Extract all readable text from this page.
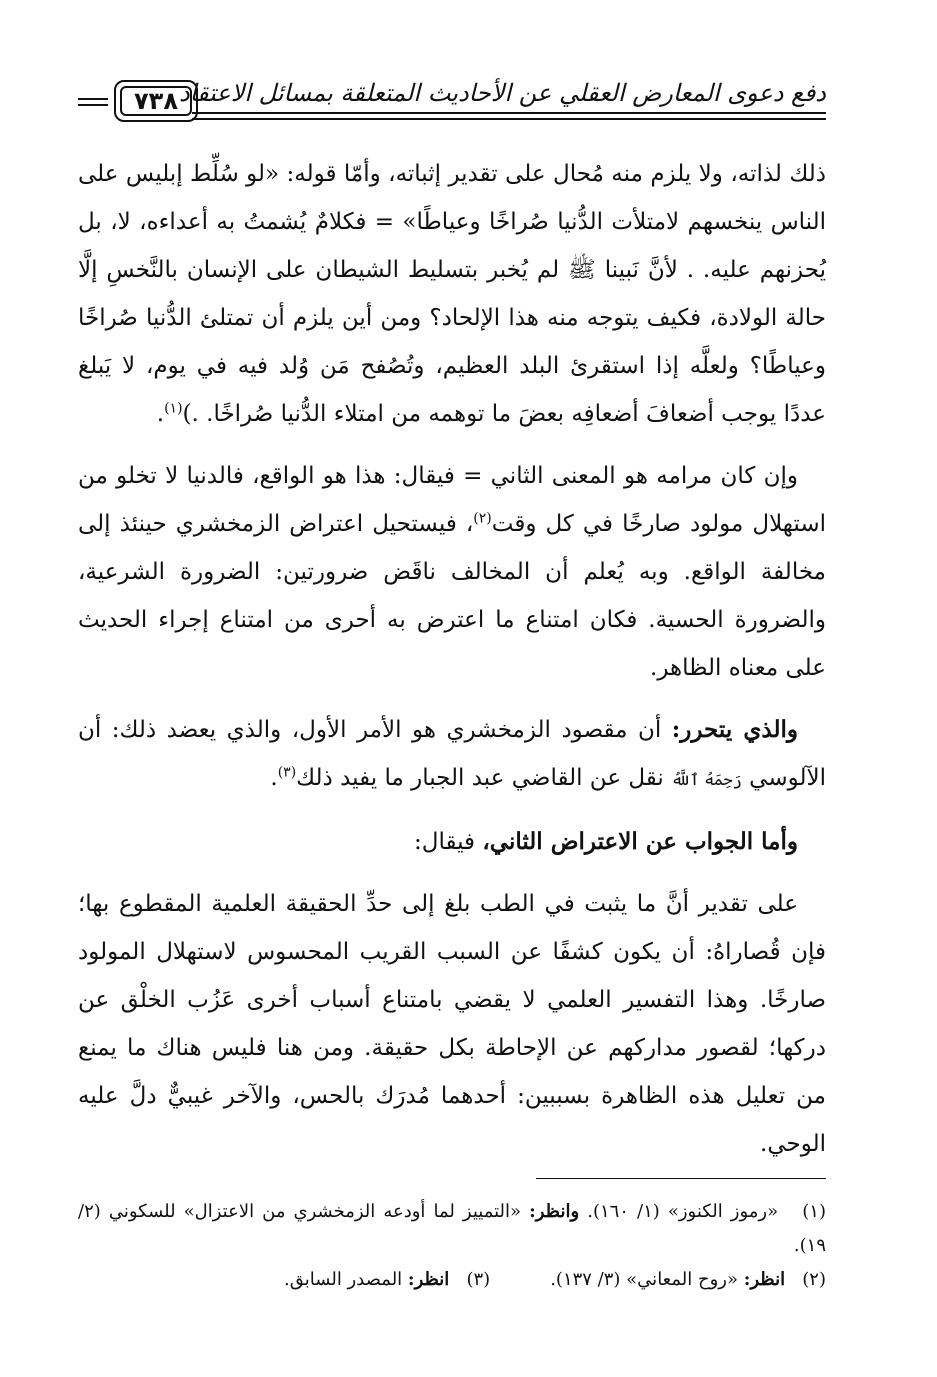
دفع دعوى المعارض العقلي عن الأحاديث المتعلقة بمسائل الاعتقاد
٧٣٨

ذلك لذاته، ولا يلزم منه مُحال على تقدير إثباته، وأمّا قوله: «لو سُلِّط إبليس على الناس ينخسهم لامتلأت الدُّنيا صُراخًا وعياطًا» = فكلامٌ يُشمتُ به أعداءه، لا، بل يُحزنهم عليه. . لأنَّ نَبينا ﷺ لم يُخبر بتسليط الشيطان على الإنسان بالنَّخسِ إلَّا حالة الولادة، فكيف يتوجه منه هذا الإلحاد؟ ومن أين يلزم أن تمتلئ الدُّنيا صُراخًا وعياطًا؟ ولعلَّه إذا استقرئ البلد العظيم، وتُصُفح مَن وُلد فيه في يوم، لا يَبلغ عددًا يوجب أضعافَ أضعافِه بعضَ ما توهمه من امتلاء الدُّنيا صُراخًا. .)$^{(١)}$.

وإن كان مرامه هو المعنى الثاني = فيقال: هذا هو الواقع، فالدنيا لا تخلو من استهلال مولود صارخًا في كل وقت$^{(٢)}$، فيستحيل اعتراض الزمخشري حينئذ إلى مخالفة الواقع. وبه يُعلم أن المخالف ناقَض ضرورتين: الضرورة الشرعية، والضرورة الحسية. فكان امتناع ما اعترض به أحرى من امتناع إجراء الحديث على معناه الظاهر.

والذي يتحرر: أن مقصود الزمخشري هو الأمر الأول، والذي يعضد ذلك: أن الآلوسي رَحِمَهُ ٱللَّهُ نقل عن القاضي عبد الجبار ما يفيد ذلك$^{(٣)}$.

وأما الجواب عن الاعتراض الثاني، فيقال:

على تقدير أنَّ ما يثبت في الطب بلغ إلى حدِّ الحقيقة العلمية المقطوع بها؛ فإن قُصاراهُ: أن يكون كشفًا عن السبب القريب المحسوس لاستهلال المولود صارخًا. وهذا التفسير العلمي لا يقضي بامتناع أسباب أخرى عَزُب الخلْق عن دركها؛ لقصور مداركهم عن الإحاطة بكل حقيقة. ومن هنا فليس هناك ما يمنع من تعليل هذه الظاهرة بسببين: أحدهما مُدرَك بالحس، والآخر غيبيٌّ دلَّ عليه الوحي.

(١)   «رموز الكنوز» (١/ ١٦٠). وانظر: «التمييز لما أودعه الزمخشري من الاعتزال» للسكوني (٢/ ١٩).

(٢)   انظر: «روح المعاني» (٣/ ١٣٧).
(٣)   انظر: المصدر السابق.
